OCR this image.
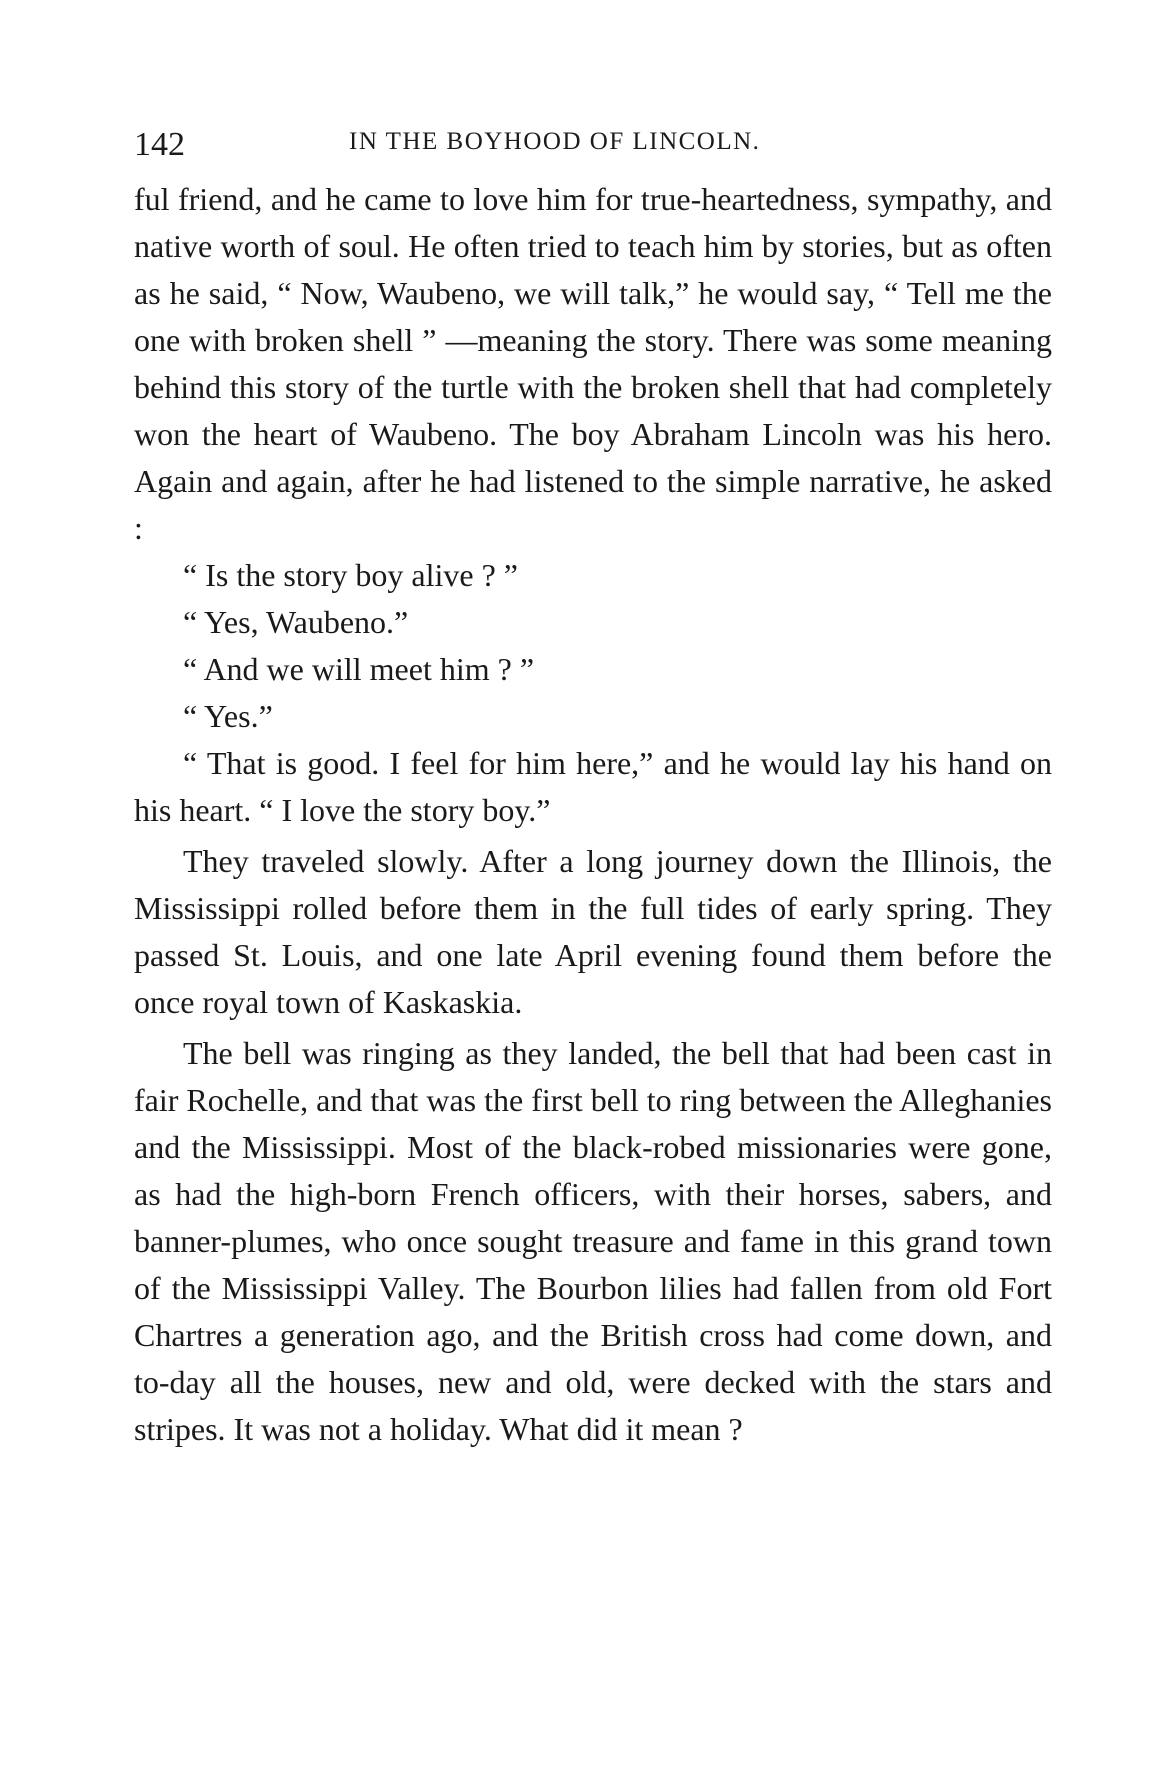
142	IN THE BOYHOOD OF LINCOLN.

ful friend, and he came to love him for true-heartedness, sympathy, and native worth of soul. He often tried to teach him by stories, but as often as he said, “ Now, Waubeno, we will talk,” he would say, “ Tell me the one with broken shell ” —meaning the story. There was some meaning behind this story of the turtle with the broken shell that had completely won the heart of Waubeno. The boy Abraham Lincoln was his hero. Again and again, after he had listened to the simple narrative, he asked :

“ Is the story boy alive ? ”

“ Yes, Waubeno.”

“ And we will meet him ? ”

“ Yes.”

“ That is good. I feel for him here,” and he would lay his hand on his heart. “ I love the story boy.”

They traveled slowly. After a long journey down the Illinois, the Mississippi rolled before them in the full tides of early spring. They passed St. Louis, and one late April evening found them before the once royal town of Kaskaskia.

The bell was ringing as they landed, the bell that had been cast in fair Rochelle, and that was the first bell to ring between the Alleghanies and the Mississippi. Most of the black-robed missionaries were gone, as had the high-born French officers, with their horses, sabers, and banner-plumes, who once sought treasure and fame in this grand town of the Mississippi Valley. The Bourbon lilies had fallen from old Fort Chartres a generation ago, and the British cross had come down, and to-day all the houses, new and old, were decked with the stars and stripes. It was not a holiday. What did it mean ?
